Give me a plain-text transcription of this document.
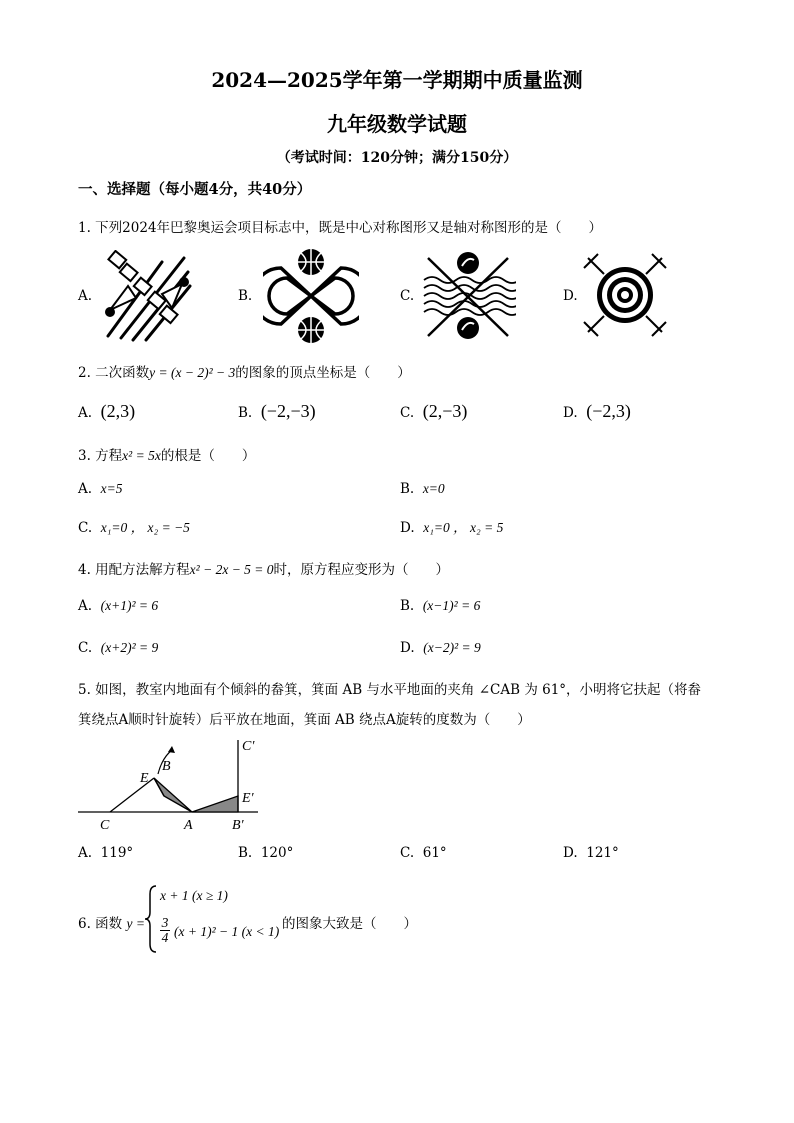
2024—2025学年第一学期期中质量监测
九年级数学试题
（考试时间：120分钟；满分150分）
一、选择题（每小题4分，共40分）
1. 下列2024年巴黎奥运会项目标志中，既是中心对称图形又是轴对称图形的是（　　）
A.	B.	C.	D.
2. 二次函数y = (x − 2)² − 3的图象的顶点坐标是（　　）
A. (2,3)	B. (−2,−3)	C. (2,−3)	D. (−2,3)
3. 方程x² = 5x的根是（　　）
A. x=5	B. x=0
C. x₁=0 ， x₂ = −5	D. x₁=0 ， x₂ = 5
4. 用配方法解方程x² − 2x − 5 = 0时，原方程应变形为（　　）
A. (x+1)² = 6	B. (x−1)² = 6
C. (x+2)² = 9	D. (x−2)² = 9
5. 如图，教室内地面有个倾斜的畚箕，箕面 AB 与水平地面的夹角 ∠CAB 为 61°，小明将它扶起（将畚
箕绕点A顺时针旋转）后平放在地面，箕面 AB 绕点A旋转的度数为（　　）
C	A
B
E
C′
E′
B′
A. 119°	B. 120°	C. 61°	D. 121°
6. 函数 y =
x + 1 (x ≥ 1)
3
4 (x + 1)² − 1 (x < 1) 的图象大致是（　　）
